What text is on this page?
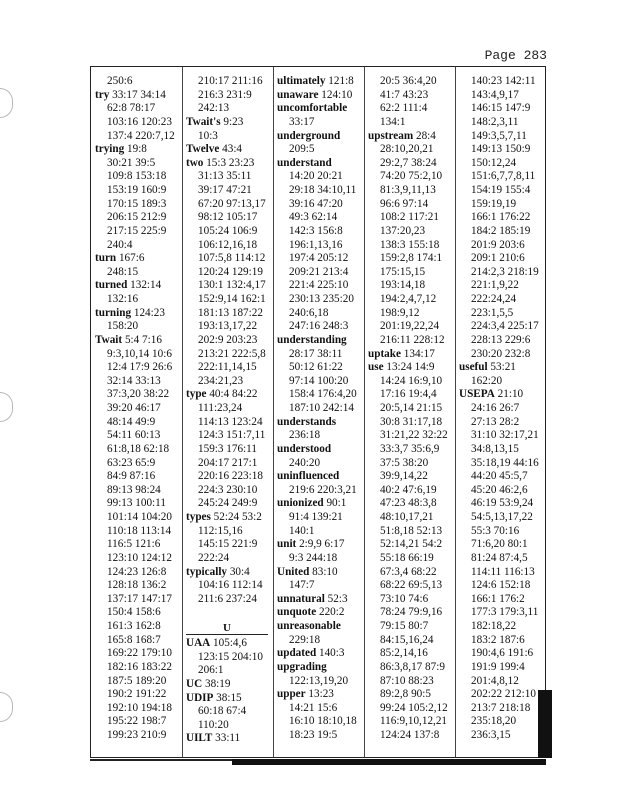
Page 283
250:6
try 33:17 34:14
62:8 78:17
103:16 120:23
137:4 220:7,12
trying 19:8
30:21 39:5
109:8 153:18
153:19 160:9
170:15 189:3
206:15 212:9
217:15 225:9
240:4
turn 167:6
248:15
turned 132:14
132:16
turning 124:23
158:20
Twait 5:4 7:16
9:3,10,14 10:6
12:4 17:9 26:6
32:14 33:13
37:3,20 38:22
39:20 46:17
48:14 49:9
54:11 60:13
61:8,18 62:18
63:23 65:9
84:9 87:16
89:13 98:24
99:13 100:11
101:14 104:20
110:18 113:14
116:5 121:6
123:10 124:12
124:23 126:8
128:18 136:2
137:17 147:17
150:4 158:6
161:3 162:8
165:8 168:7
169:22 179:10
182:16 183:22
187:5 189:20
190:2 191:22
192:10 194:18
195:22 198:7
199:23 210:9
210:17 211:16
216:3 231:9
242:13
Twait's 9:23
10:3
Twelve 43:4
two 15:3 23:23
31:13 35:11
39:17 47:21
67:20 97:13,17
98:12 105:17
105:24 106:9
106:12,16,18
107:5,8 114:12
120:24 129:19
130:1 132:4,17
152:9,14 162:1
181:13 187:22
193:13,17,22
202:9 203:23
213:21 222:5,8
222:11,14,15
234:21,23
type 40:4 84:22
111:23,24
114:13 123:24
124:3 151:7,11
159:3 176:11
204:17 217:1
220:16 223:18
224:3 230:10
245:24 249:9
types 52:24 53:2
112:15,16
145:15 221:9
222:24
typically 30:4
104:16 112:14
211:6 237:24

U
UAA 105:4,6
123:15 204:10
206:1
UC 38:19
UDIP 38:15
60:18 67:4
110:20
UILT 33:11
ultimately 121:8
unaware 124:10
uncomfortable
33:17
underground
209:5
understand
14:20 20:21
29:18 34:10,11
39:16 47:20
49:3 62:14
142:3 156:8
196:1,13,16
197:4 205:12
209:21 213:4
221:4 225:10
230:13 235:20
240:6,18
247:16 248:3
understanding
28:17 38:11
50:12 61:22
97:14 100:20
158:4 176:4,20
187:10 242:14
understands
236:18
understood
240:20
uninfluenced
219:6 220:3,21
unionized 90:1
91:4 139:21
140:1
unit 2:9,9 6:17
9:3 244:18
United 83:10
147:7
unnatural 52:3
unquote 220:2
unreasonable
229:18
updated 140:3
upgrading
122:13,19,20
upper 13:23
14:21 15:6
16:10 18:10,18
18:23 19:5
20:5 36:4,20
41:7 43:23
62:2 111:4
134:1
upstream 28:4
28:10,20,21
29:2,7 38:24
74:20 75:2,10
81:3,9,11,13
96:6 97:14
108:2 117:21
137:20,23
138:3 155:18
159:2,8 174:1
175:15,15
193:14,18
194:2,4,7,12
198:9,12
201:19,22,24
216:11 228:12
uptake 134:17
use 13:24 14:9
14:24 16:9,10
17:16 19:4,4
20:5,14 21:15
30:8 31:17,18
31:21,22 32:22
33:3,7 35:6,9
37:5 38:20
39:9,14,22
40:2 47:6,19
47:23 48:3,8
48:10,17,21
51:8,18 52:13
52:14,21 54:2
55:18 66:19
67:3,4 68:22
68:22 69:5,13
73:10 74:6
78:24 79:9,16
79:15 80:7
84:15,16,24
85:2,14,16
86:3,8,17 87:9
87:10 88:23
89:2,8 90:5
99:24 105:2,12
116:9,10,12,21
124:24 137:8
140:23 142:11
143:4,9,17
146:15 147:9
148:2,3,11
149:3,5,7,11
149:13 150:9
150:12,24
151:6,7,7,8,11
154:19 155:4
159:19,19
166:1 176:22
184:2 185:19
201:9 203:6
209:1 210:6
214:2,3 218:19
221:1,9,22
222:24,24
223:1,5,5
224:3,4 225:17
228:13 229:6
230:20 232:8
useful 53:21
162:20
USEPA 21:10
24:16 26:7
27:13 28:2
31:10 32:17,21
34:8,13,15
35:18,19 44:16
44:20 45:5,7
45:20 46:2,6
46:19 53:9,24
54:5,13,17,22
55:3 70:16
71:6,20 80:1
81:24 87:4,5
114:11 116:13
124:6 152:18
166:1 176:2
177:3 179:3,11
182:18,22
183:2 187:6
190:4,6 191:6
191:9 199:4
201:4,8,12
202:22 212:10
213:7 218:18
235:18,20
236:3,15
